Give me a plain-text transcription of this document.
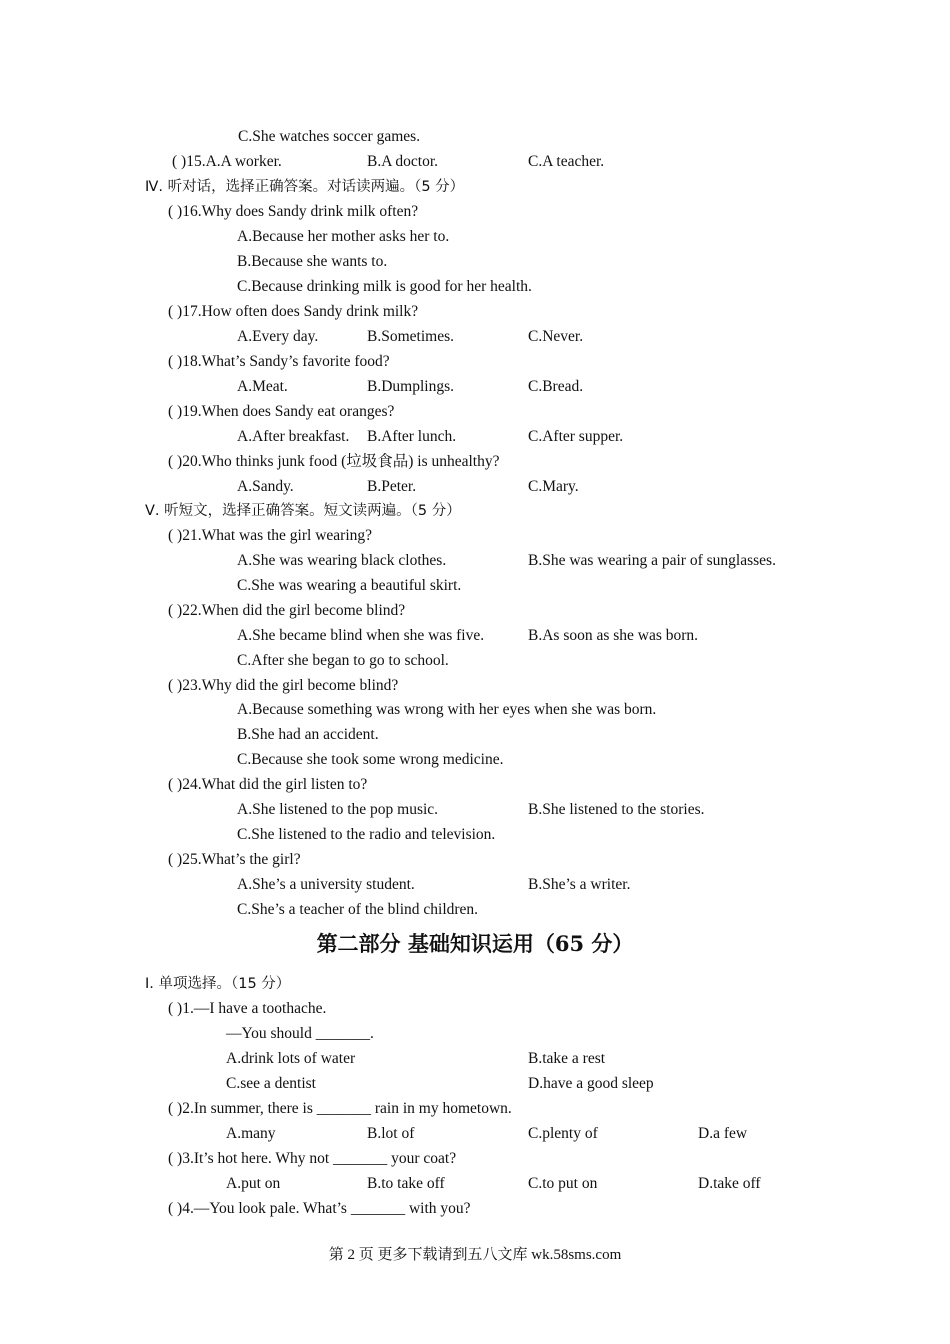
C.She watches soccer games.
( )15.A.A worker.	B.A doctor.	C.A teacher.
Ⅳ. 听对话，选择正确答案。对话读两遍。（5 分）
( )16.Why does Sandy drink milk often?
A.Because her mother asks her to.
B.Because she wants to.
C.Because drinking milk is good for her health.
( )17.How often does Sandy drink milk?
A.Every day.	B.Sometimes.	C.Never.
( )18.What’s Sandy’s favorite food?
A.Meat.	B.Dumplings.	C.Bread.
( )19.When does Sandy eat oranges?
A.After breakfast. B.After lunch.	C.After supper.
( )20.Who thinks junk food (垃圾食品) is unhealthy?
A.Sandy.	B.Peter.	C.Mary.
Ⅴ. 听短文，选择正确答案。短文读两遍。（5 分）
( )21.What was the girl wearing?
A.She was wearing black clothes.	B.She was wearing a pair of sunglasses.
C.She was wearing a beautiful skirt.
( )22.When did the girl become blind?
A.She became blind when she was five.	B.As soon as she was born.
C.After she began to go to school.
( )23.Why did the girl become blind?
A.Because something was wrong with her eyes when she was born.
B.She had an accident.
C.Because she took some wrong medicine.
( )24.What did the girl listen to?
A.She listened to the pop music.	B.She listened to the stories.
C.She listened to the radio and television.
( )25.What’s the girl?
A.She’s a university student.	B.She’s a writer.
C.She’s a teacher of the blind children.
Ⅰ. 单项选择。（15 分）
( )1.—I have a toothache.
—You should _______.
A.drink lots of water	B.take a rest
C.see a dentist	D.have a good sleep
( )2.In summer, there is _______ rain in my hometown.
A.many	B.lot of	C.plenty of	D.a few
( )3.It’s hot here. Why not _______ your coat?
A.put on	B.to take off	C.to put on	D.take off
( )4.—You look pale. What’s _______ with you?
第二部分 基础知识运用（65 分）
第 2 页 更多下载请到五八文库 wk.58sms.com
